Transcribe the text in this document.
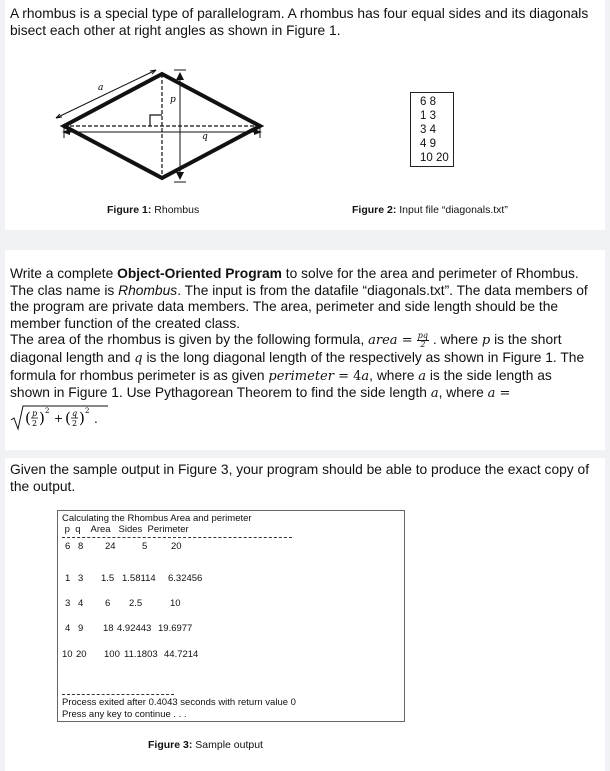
A rhombus is a special type of parallelogram. A rhombus has four equal sides and its diagonals bisect each other at right angles as shown in Figure 1.

a
p
q
6 8
1 3
3 4
4 9
10 20
Figure 1: Rhombus	Figure 2: Input file “diagonals.txt”

Write a complete Object-Oriented Program to solve for the area and perimeter of Rhombus. The clas name is Rhombus. The input is from the datafile “diagonals.txt”. The data members of the program are private data members. The area, perimeter and side length should be the member function of the created class.
The area of the rhombus is given by the following formula, area = $\frac{pq}{2}$ . where p is the short diagonal length and q is the long diagonal length of the respectively as shown in Figure 1. The formula for rhombus perimeter is as given perimeter = 4a, where a is the side length as shown in Figure 1. Use Pythagorean Theorem to find the side length a, where a =

( p
2 ) 2
+ ( q
2 ) 2
.

Given the sample output in Figure 3, your program should be able to produce the exact copy of the output.

Calculating the Rhombus Area and perimeter
p  q    Area   Sides  Perimeter
6 8 24	5 20
1 3 1.5 1.58114 6.32456
3 4 6 2.5	10
4 9 18 4.92443 19.6977
10 20 100 11.1803 44.7214
Process exited after 0.4043 seconds with return value 0
Press any key to continue . . .
Figure 3: Sample output
